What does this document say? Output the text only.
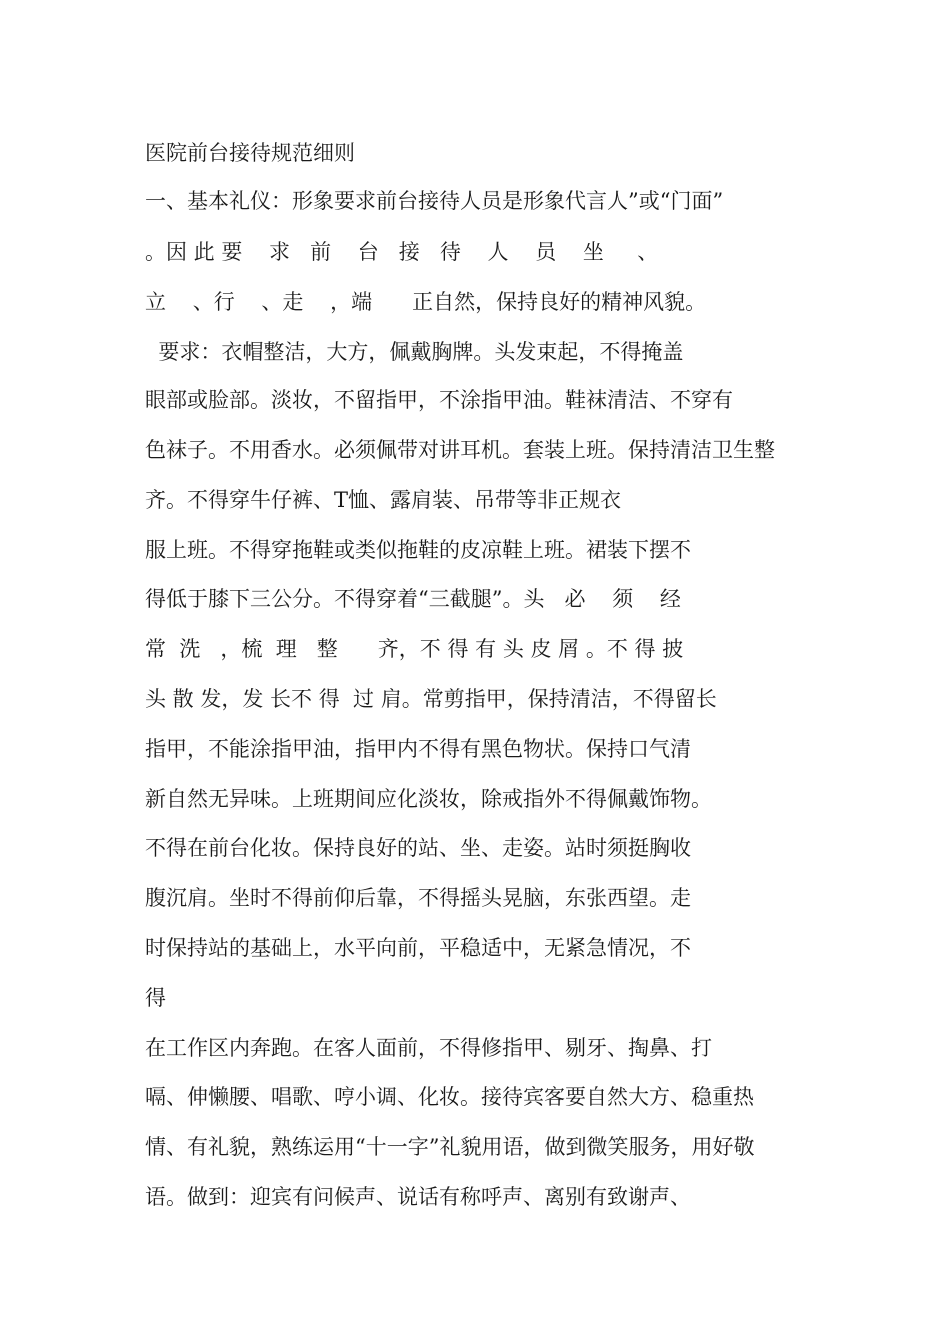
医院前台接待规范细则
一、基本礼仪：形象要求前台接待人员是形象代言人”或“门面”
。因 此 要    求   前    台   接   待    人    员    坐     、
立    、行    、走    ，端      正自然，保持良好的精神风貌。
要求：衣帽整洁，大方，佩戴胸牌。头发束起，不得掩盖
眼部或脸部。淡妆，不留指甲，不涂指甲油。鞋袜清洁、不穿有
色袜子。不用香水。必须佩带对讲耳机。套装上班。保持清洁卫生整
齐。不得穿牛仔裤、T恤、露肩装、吊带等非正规衣
服上班。不得穿拖鞋或类似拖鞋的皮凉鞋上班。裙装下摆不
得低于膝下三公分。不得穿着“三截腿”。头   必    须    经
常  洗   ，梳  理   整      齐，不 得 有 头 皮 屑 。不 得 披
头 散 发，发 长不 得  过 肩。常剪指甲，保持清洁，不得留长
指甲，不能涂指甲油，指甲内不得有黑色物状。保持口气清
新自然无异味。上班期间应化淡妆，除戒指外不得佩戴饰物。
不得在前台化妆。保持良好的站、坐、走姿。站时须挺胸收
腹沉肩。坐时不得前仰后靠，不得摇头晃脑，东张西望。走
时保持站的基础上，水平向前，平稳适中，无紧急情况，不
得
在工作区内奔跑。在客人面前，不得修指甲、剔牙、掏鼻、打
嗝、伸懒腰、唱歌、哼小调、化妆。接待宾客要自然大方、稳重热
情、有礼貌，熟练运用“十一字”礼貌用语，做到微笑服务，用好敬
语。做到：迎宾有问候声、说话有称呼声、离别有致谢声、
